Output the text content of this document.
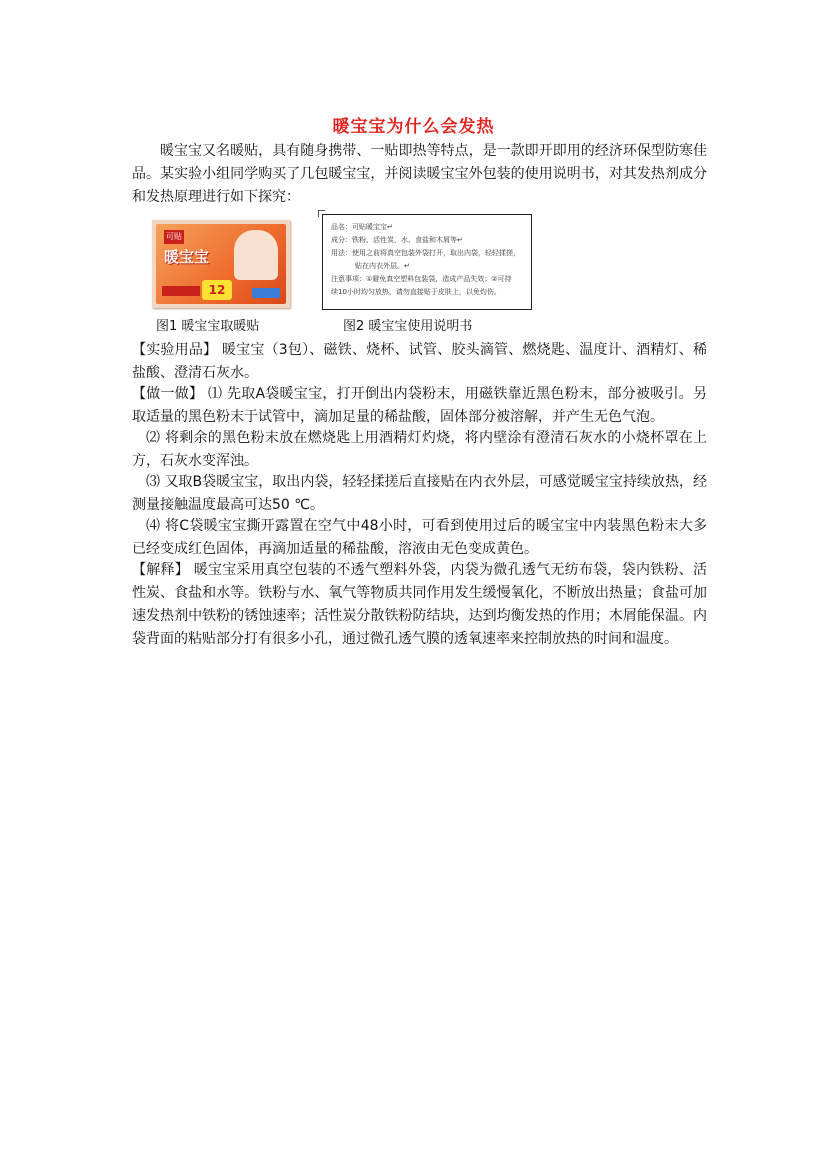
暖宝宝为什么会发热
暖宝宝又名暖贴，具有随身携带、一贴即热等特点，是一款即开即用的经济环保型防寒佳品。某实验小组同学购买了几包暖宝宝，并阅读暖宝宝外包装的使用说明书，对其发热剂成分和发热原理进行如下探究：
可贴
暖宝宝
12
品名：可贴暖宝宝↵
成分：铁粉、活性炭、水、食盐和木屑等↵
用法：使用之前将真空包装外袋打开，取出内袋，轻轻揉搓，
贴在内衣外层。↵
注意事项：①避免真空塑料包装袋，造成产品失效；②可持
续10小时均匀放热，请勿直接贴于皮肤上，以免灼伤。
图1 暖宝宝取暖贴	图2 暖宝宝使用说明书
【实验用品】 暖宝宝（3包）、磁铁、烧杯、试管、胶头滴管、燃烧匙、温度计、酒精灯、稀盐酸、澄清石灰水。
【做一做】 ⑴ 先取A袋暖宝宝，打开倒出内袋粉末，用磁铁靠近黑色粉末，部分被吸引。另取适量的黑色粉末于试管中，滴加足量的稀盐酸，固体部分被溶解，并产生无色气泡。
⑵ 将剩余的黑色粉末放在燃烧匙上用酒精灯灼烧，将内壁涂有澄清石灰水的小烧杯罩在上方，石灰水变浑浊。
⑶ 又取B袋暖宝宝，取出内袋，轻轻揉搓后直接贴在内衣外层，可感觉暖宝宝持续放热，经测量接触温度最高可达50 ℃。
⑷ 将C袋暖宝宝撕开露置在空气中48小时，可看到使用过后的暖宝宝中内装黑色粉末大多已经变成红色固体，再滴加适量的稀盐酸，溶液由无色变成黄色。
【解释】 暖宝宝采用真空包装的不透气塑料外袋，内袋为微孔透气无纺布袋，袋内铁粉、活性炭、食盐和水等。铁粉与水、氧气等物质共同作用发生缓慢氧化，不断放出热量；食盐可加速发热剂中铁粉的锈蚀速率；活性炭分散铁粉防结块，达到均衡发热的作用；木屑能保温。内袋背面的粘贴部分打有很多小孔，通过微孔透气膜的透氧速率来控制放热的时间和温度。
